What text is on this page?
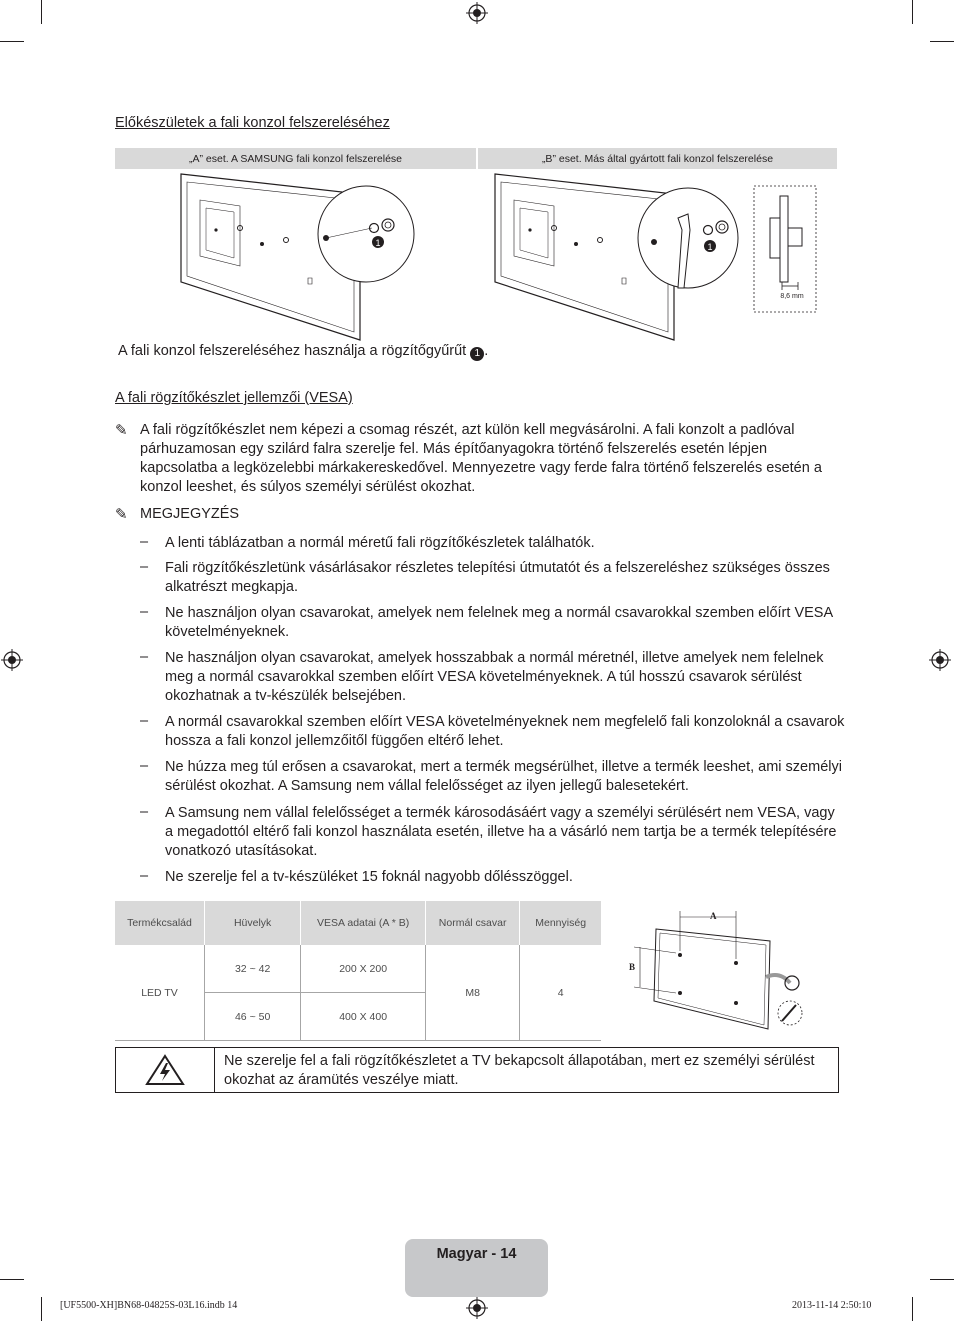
Előkészületek a fali konzol felszereléséhez
„A” eset. A SAMSUNG fali konzol felszerelése	„B” eset. Más által gyártott fali konzol felszerelése
1	1
8,6 mm
A fali konzol felszereléséhez használja a rögzítőgyűrűt 1 .
A fali rögzítőkészlet jellemzői (VESA)
✎ A fali rögzítőkészlet nem képezi a csomag részét, azt külön kell megvásárolni. A fali konzolt a padlóval párhuzamosan egy szilárd falra szerelje fel. Más építőanyagokra történő felszerelés esetén lépjen kapcsolatba a legközelebbi márkakereskedővel. Mennyezetre vagy ferde falra történő felszerelés esetén a konzol leeshet, és súlyos személyi sérülést okozhat.
✎ MEGJEGYZÉS
– A lenti táblázatban a normál méretű fali rögzítőkészletek találhatók.
– Fali rögzítőkészletünk vásárlásakor részletes telepítési útmutatót és a felszereléshez szükséges összes alkatrészt megkapja.
– Ne használjon olyan csavarokat, amelyek nem felelnek meg a normál csavarokkal szemben előírt VESA követelményeknek.
– Ne használjon olyan csavarokat, amelyek hosszabbak a normál méretnél, illetve amelyek nem felelnek meg a normál csavarokkal szemben előírt VESA követelményeknek. A túl hosszú csavarok sérülést okozhatnak a tv-készülék belsejében.
– A normál csavarokkal szemben előírt VESA követelményeknek nem megfelelő fali konzoloknál a csavarok hossza a fali konzol jellemzőitől függően eltérő lehet.
– Ne húzza meg túl erősen a csavarokat, mert a termék megsérülhet, illetve a termék leeshet, ami személyi sérülést okozhat. A Samsung nem vállal felelősséget az ilyen jellegű balesetekért.
– A Samsung nem vállal felelősséget a termék károsodásáért vagy a személyi sérülésért nem VESA, vagy a megadottól eltérő fali konzol használata esetén, illetve ha a vásárló nem tartja be a termék telepítésére vonatkozó utasításokat.
– Ne szerelje fel a tv-készüléket 15 foknál nagyobb dőlésszöggel.
Termékcsalád	Hüvelyk	VESA adatai (A * B)	Normál csavar	Mennyiség
LED TV	32 ~ 42	200 X 200	M8	4
	46 ~ 50	400 X 400		
A
B
Ne szerelje fel a fali rögzítőkészletet a TV bekapcsolt állapotában, mert ez személyi sérülést okozhat az áramütés veszélye miatt.
Magyar - 14
[UF5500-XH]BN68-04825S-03L16.indb 14	2013-11-14 2:50:10
